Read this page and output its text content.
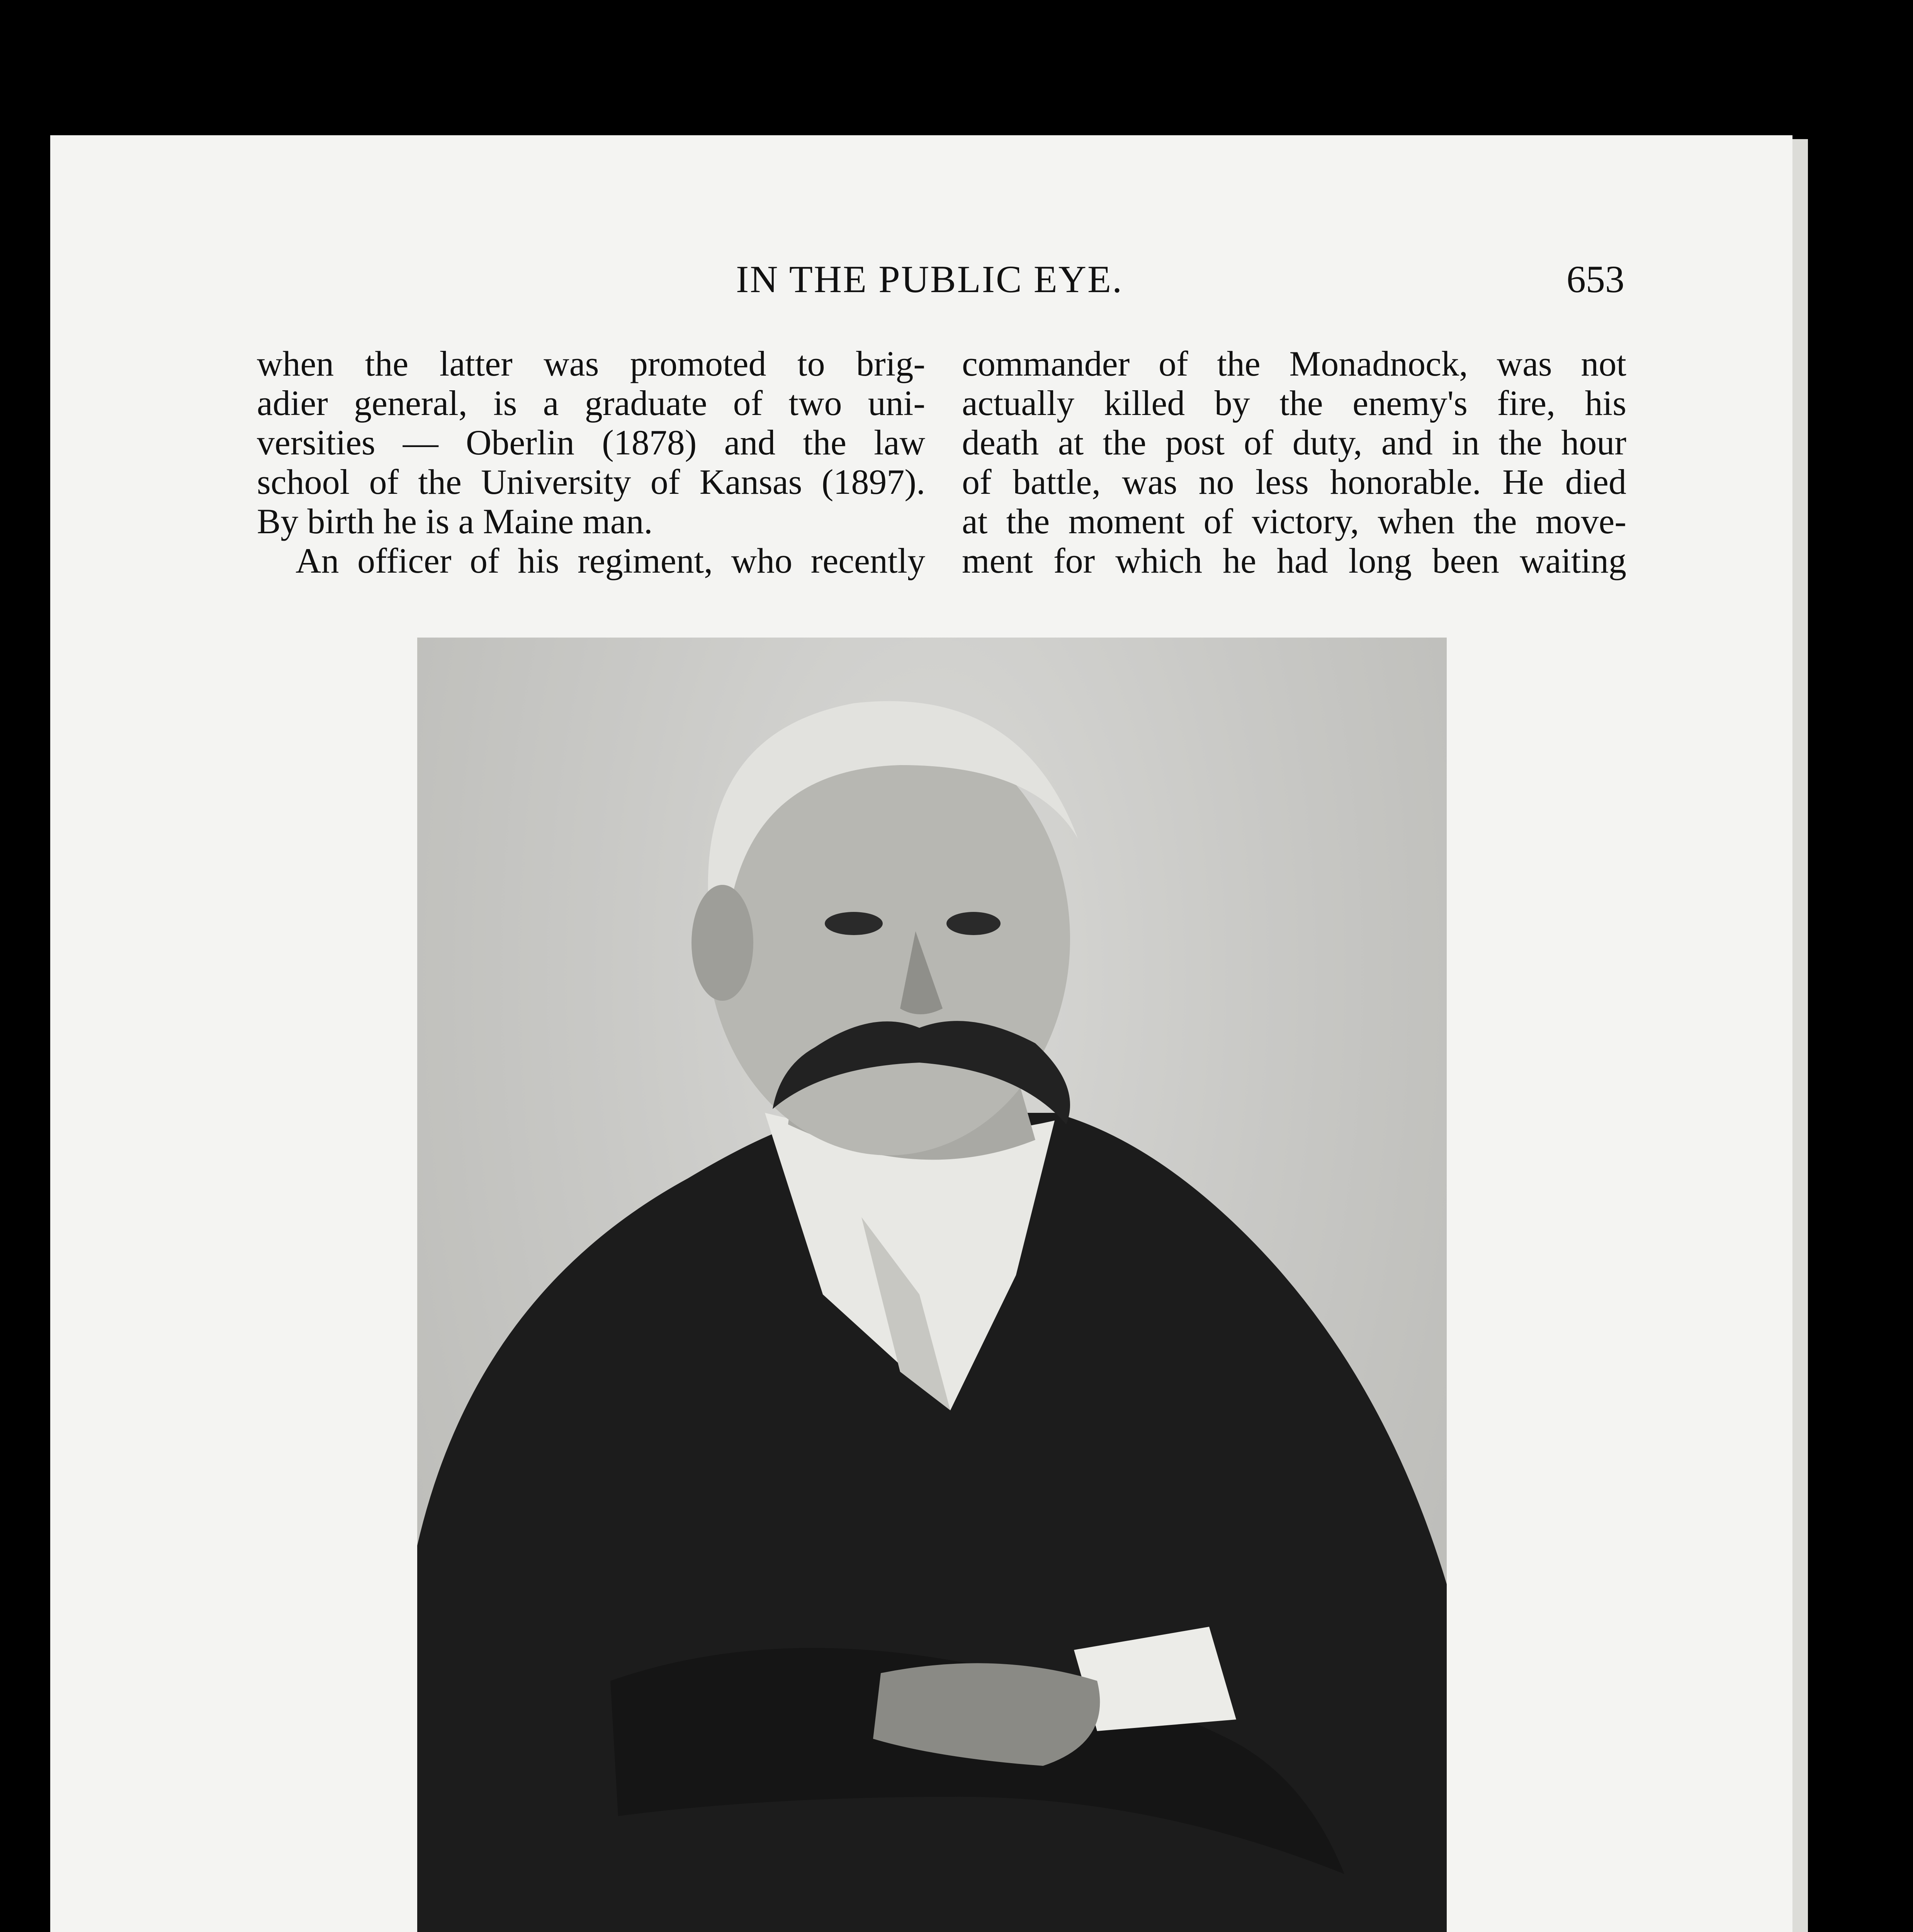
IN THE PUBLIC EYE.	653
when the latter was promoted to brig-
adier general, is a graduate of two uni-
versities — Oberlin (1878) and the law
school of the University of Kansas (1897).
By birth he is a Maine man.
An officer of his regiment, who recently
commander of the Monadnock, was not
actually killed by the enemy's fire, his
death at the post of duty, and in the hour
of battle, was no less honorable. He died
at the moment of victory, when the move-
ment for which he had long been waiting
